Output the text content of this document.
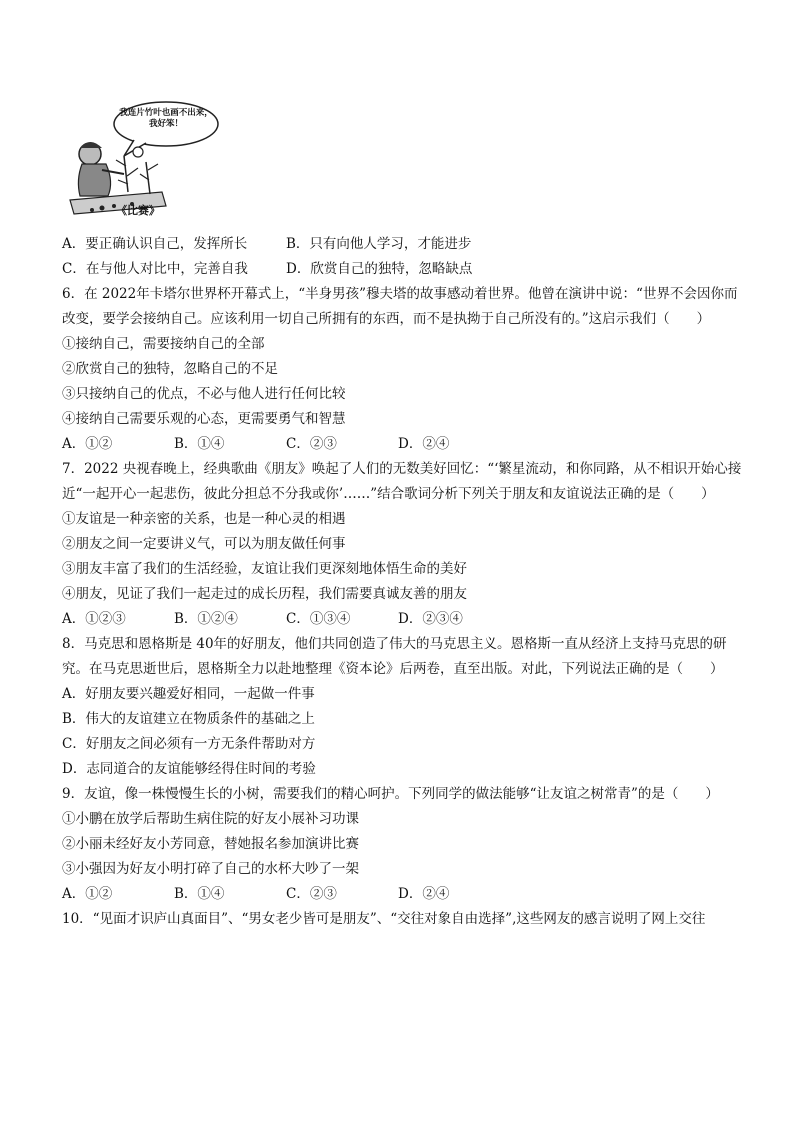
我连片竹叶也画不出来，我好笨！
《比赛》
A．要正确认识自己，发挥所长	B．只有向他人学习，才能进步
C．在与他人对比中，完善自我	D．欣赏自己的独特，忽略缺点
6．在 2022年卡塔尔世界杯开幕式上，“半身男孩”穆夫塔的故事感动着世界。他曾在演讲中说：“世界不会因你而改变，要学会接纳自己。应该利用一切自己所拥有的东西，而不是执拗于自己所没有的。”这启示我们（　　）
①接纳自己，需要接纳自己的全部
②欣赏自己的独特，忽略自己的不足
③只接纳自己的优点，不必与他人进行任何比较
④接纳自己需要乐观的心态，更需要勇气和智慧
A．①②	B．①④	C．②③	D．②④
7．2022 央视春晚上，经典歌曲《朋友》唤起了人们的无数美好回忆：“‘繁星流动，和你同路，从不相识开始心接近“一起开心一起悲伤，彼此分担总不分我或你’……”结合歌词分析下列关于朋友和友谊说法正确的是（　　）
①友谊是一种亲密的关系，也是一种心灵的相遇
②朋友之间一定要讲义气，可以为朋友做任何事
③朋友丰富了我们的生活经验，友谊让我们更深刻地体悟生命的美好
④朋友，见证了我们一起走过的成长历程，我们需要真诚友善的朋友
A．①②③	B．①②④	C．①③④	D．②③④
8．马克思和恩格斯是 40年的好朋友，他们共同创造了伟大的马克思主义。恩格斯一直从经济上支持马克思的研究。在马克思逝世后，恩格斯全力以赴地整理《资本论》后两卷，直至出版。对此，下列说法正确的是（　　）
A．好朋友要兴趣爱好相同，一起做一件事
B．伟大的友谊建立在物质条件的基础之上
C．好朋友之间必须有一方无条件帮助对方
D．志同道合的友谊能够经得住时间的考验
9．友谊，像一株慢慢生长的小树，需要我们的精心呵护。下列同学的做法能够“让友谊之树常青”的是（　　）
①小鹏在放学后帮助生病住院的好友小展补习功课
②小丽未经好友小芳同意，替她报名参加演讲比赛
③小强因为好友小明打碎了自己的水杯大吵了一架
A．①②	B．①④	C．②③	D．②④
10．“见面才识庐山真面目”、“男女老少皆可是朋友”、“交往对象自由选择”,这些网友的感言说明了网上交往
